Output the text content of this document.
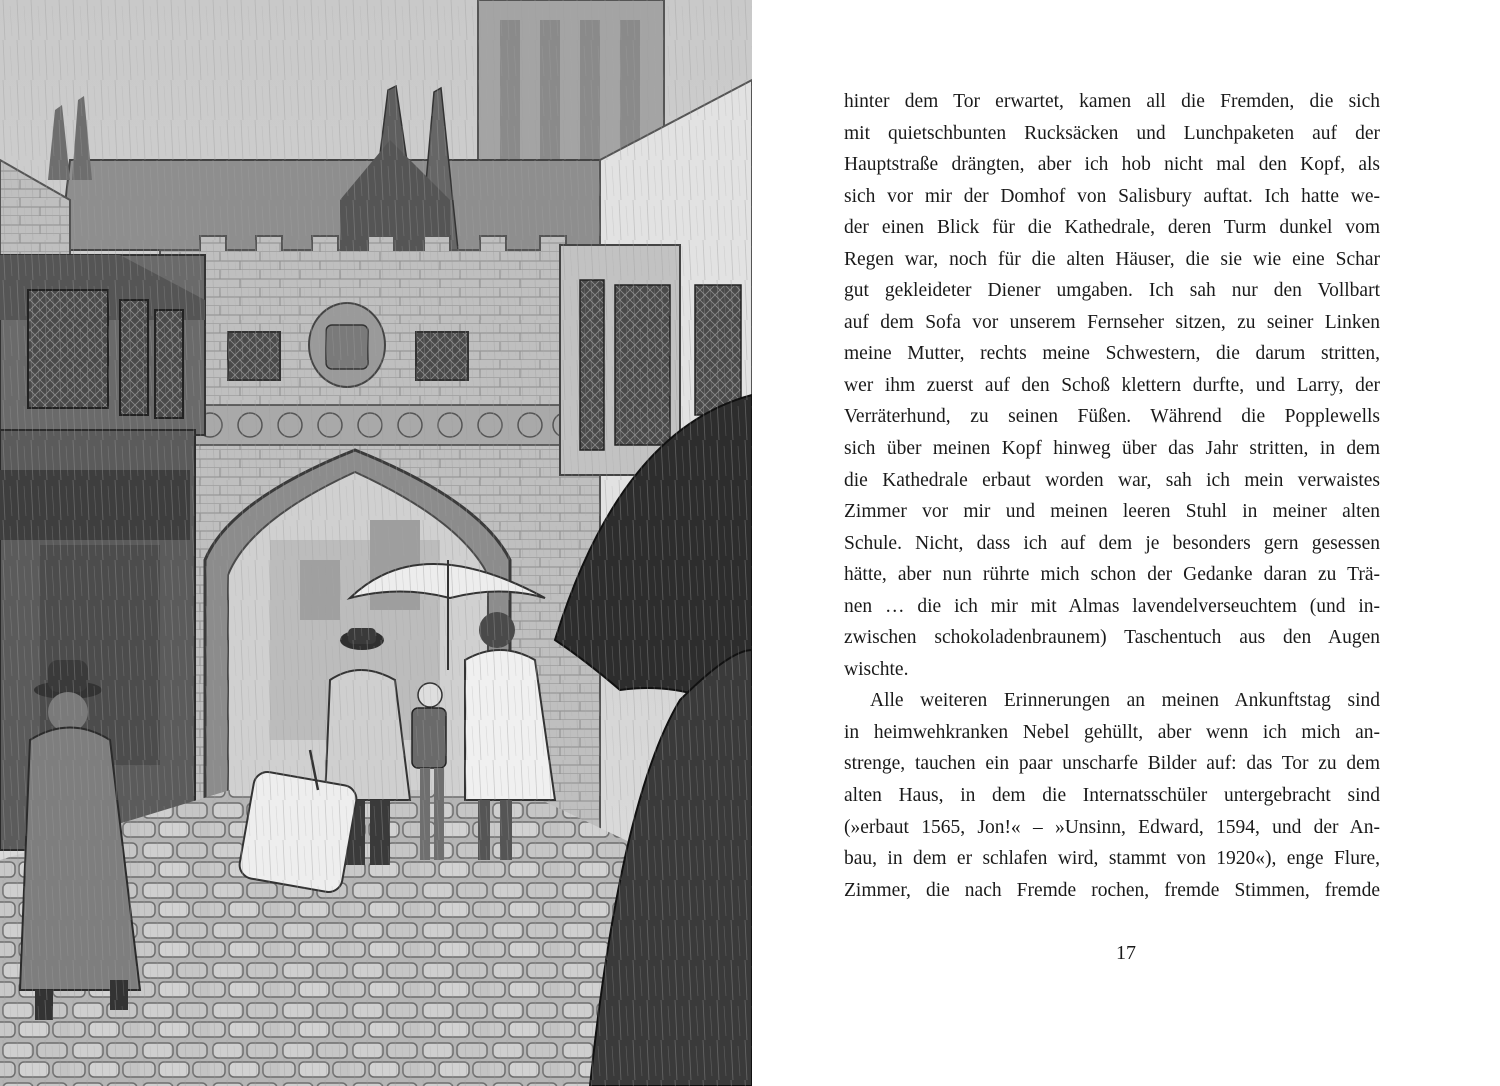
hinter dem Tor erwartet, kamen all die Fremden, die sich
mit quietschbunten Rucksäcken und Lunchpaketen auf der
Hauptstraße drängten, aber ich hob nicht mal den Kopf, als
sich vor mir der Domhof von Salisbury auftat. Ich hatte we-
der einen Blick für die Kathedrale, deren Turm dunkel vom
Regen war, noch für die alten Häuser, die sie wie eine Schar
gut gekleideter Diener umgaben. Ich sah nur den Vollbart
auf dem Sofa vor unserem Fernseher sitzen, zu seiner Linken
meine Mutter, rechts meine Schwestern, die darum stritten,
wer ihm zuerst auf den Schoß klettern durfte, und Larry, der
Verräterhund, zu seinen Füßen. Während die Popplewells
sich über meinen Kopf hinweg über das Jahr stritten, in dem
die Kathedrale erbaut worden war, sah ich mein verwaistes
Zimmer vor mir und meinen leeren Stuhl in meiner alten
Schule. Nicht, dass ich auf dem je besonders gern gesessen
hätte, aber nun rührte mich schon der Gedanke daran zu Trä-
nen … die ich mir mit Almas lavendelverseuchtem (und in-
zwischen schokoladenbraunem) Taschentuch aus den Augen
wischte.
Alle weiteren Erinnerungen an meinen Ankunftstag sind
in heimwehkranken Nebel gehüllt, aber wenn ich mich an-
strenge, tauchen ein paar unscharfe Bilder auf: das Tor zu dem
alten Haus, in dem die Internatsschüler untergebracht sind
(»erbaut 1565, Jon!« – »Unsinn, Edward, 1594, und der An-
bau, in dem er schlafen wird, stammt von 1920«), enge Flure,
Zimmer, die nach Fremde rochen, fremde Stimmen, fremde
17
